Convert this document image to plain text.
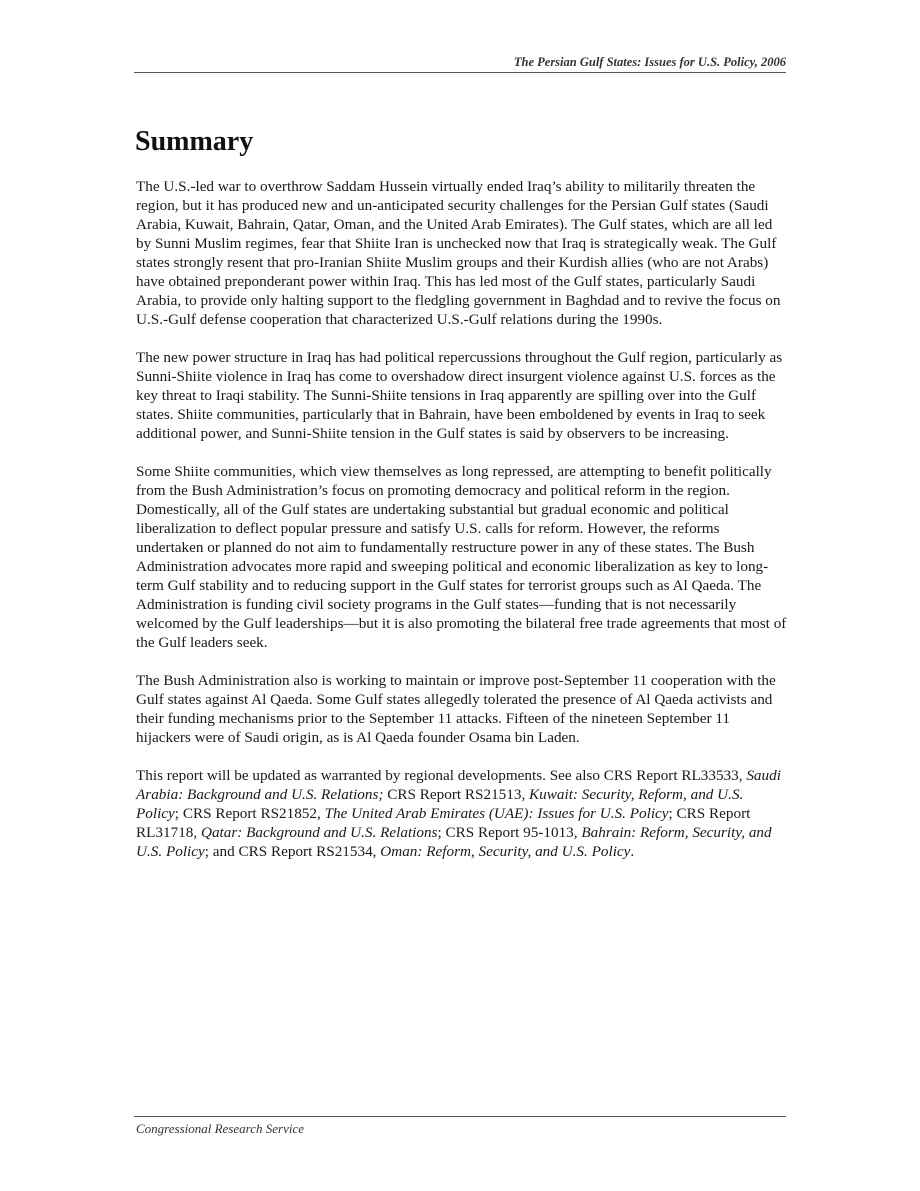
The Persian Gulf States: Issues for U.S. Policy, 2006
Summary

The U.S.-led war to overthrow Saddam Hussein virtually ended Iraq’s ability to militarily threaten the region, but it has produced new and un-anticipated security challenges for the Persian Gulf states (Saudi Arabia, Kuwait, Bahrain, Qatar, Oman, and the United Arab Emirates). The Gulf states, which are all led by Sunni Muslim regimes, fear that Shiite Iran is unchecked now that Iraq is strategically weak. The Gulf states strongly resent that pro-Iranian Shiite Muslim groups and their Kurdish allies (who are not Arabs) have obtained preponderant power within Iraq. This has led most of the Gulf states, particularly Saudi Arabia, to provide only halting support to the fledgling government in Baghdad and to revive the focus on U.S.-Gulf defense cooperation that characterized U.S.-Gulf relations during the 1990s.

The new power structure in Iraq has had political repercussions throughout the Gulf region, particularly as Sunni-Shiite violence in Iraq has come to overshadow direct insurgent violence against U.S. forces as the key threat to Iraqi stability. The Sunni-Shiite tensions in Iraq apparently are spilling over into the Gulf states. Shiite communities, particularly that in Bahrain, have been emboldened by events in Iraq to seek additional power, and Sunni-Shiite tension in the Gulf states is said by observers to be increasing.

Some Shiite communities, which view themselves as long repressed, are attempting to benefit politically from the Bush Administration’s focus on promoting democracy and political reform in the region. Domestically, all of the Gulf states are undertaking substantial but gradual economic and political liberalization to deflect popular pressure and satisfy U.S. calls for reform. However, the reforms undertaken or planned do not aim to fundamentally restructure power in any of these states. The Bush Administration advocates more rapid and sweeping political and economic liberalization as key to long-term Gulf stability and to reducing support in the Gulf states for terrorist groups such as Al Qaeda. The Administration is funding civil society programs in the Gulf states—funding that is not necessarily welcomed by the Gulf leaderships—but it is also promoting the bilateral free trade agreements that most of the Gulf leaders seek.

The Bush Administration also is working to maintain or improve post-September 11 cooperation with the Gulf states against Al Qaeda. Some Gulf states allegedly tolerated the presence of Al Qaeda activists and their funding mechanisms prior to the September 11 attacks. Fifteen of the nineteen September 11 hijackers were of Saudi origin, as is Al Qaeda founder Osama bin Laden.

This report will be updated as warranted by regional developments. See also CRS Report RL33533, Saudi Arabia: Background and U.S. Relations; CRS Report RS21513, Kuwait: Security, Reform, and U.S. Policy; CRS Report RS21852, The United Arab Emirates (UAE): Issues for U.S. Policy; CRS Report RL31718, Qatar: Background and U.S. Relations; CRS Report 95-1013, Bahrain: Reform, Security, and U.S. Policy; and CRS Report RS21534, Oman: Reform, Security, and U.S. Policy.

Congressional Research Service
